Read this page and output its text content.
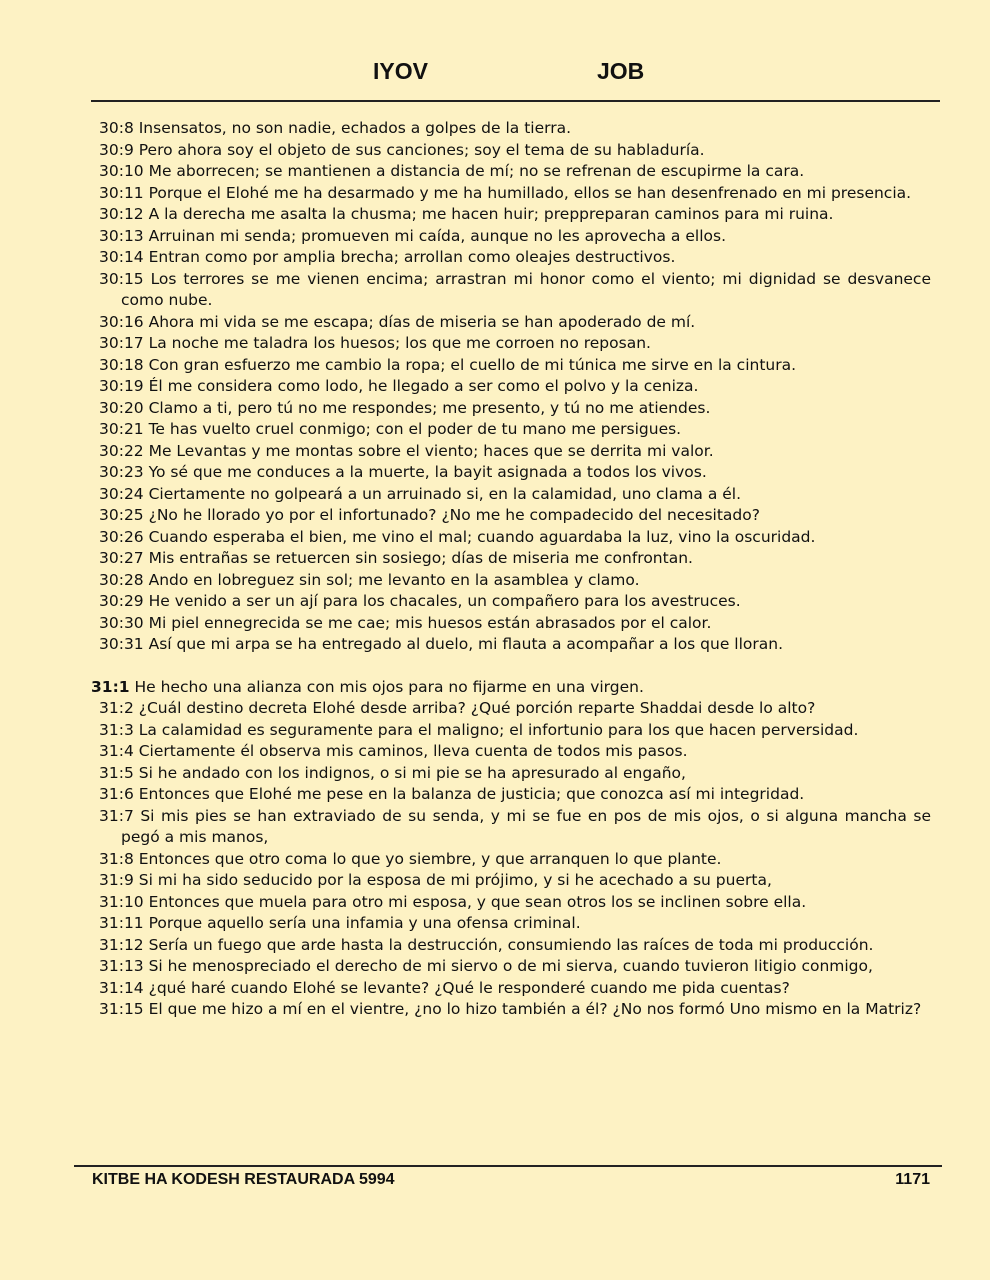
IYOV	JOB
30:8 Insensatos, no son nadie, echados a golpes de la tierra.
30:9 Pero ahora soy el objeto de sus canciones; soy el tema de su habladuría.
30:10 Me aborrecen; se mantienen a distancia de mí; no se refrenan de escupirme la cara.
30:11 Porque el Elohé me ha desarmado y me ha humillado, ellos se han desenfrenado en mi presencia.
30:12 A la derecha me asalta la chusma; me hacen huir; preppreparan caminos para mi ruina.
30:13 Arruinan mi senda; promueven mi caída, aunque no les aprovecha a ellos.
30:14 Entran como por amplia brecha; arrollan como oleajes destructivos.
30:15 Los terrores se me vienen encima; arrastran mi honor como el viento; mi dignidad se desvanece como nube.
30:16 Ahora mi vida se me escapa; días de miseria se han apoderado de mí.
30:17 La noche me taladra los huesos; los que me corroen no reposan.
30:18 Con gran esfuerzo me cambio la ropa; el cuello de mi túnica me sirve en la cintura.
30:19 Él me considera como lodo, he llegado a ser como el polvo y la ceniza.
30:20 Clamo a ti, pero tú no me respondes; me presento, y tú no me atiendes.
30:21 Te has vuelto cruel conmigo; con el poder de tu mano me persigues.
30:22 Me Levantas y me montas sobre el viento; haces que se derrita mi valor.
30:23 Yo sé que me conduces a la muerte, la bayit asignada a todos los vivos.
30:24 Ciertamente no golpeará a un arruinado si, en la calamidad, uno clama a él.
30:25 ¿No he llorado yo por el infortunado? ¿No me he compadecido del necesitado?
30:26 Cuando esperaba el bien, me vino el mal; cuando aguardaba la luz, vino la oscuridad.
30:27 Mis entrañas se retuercen sin sosiego; días de miseria me confrontan.
30:28 Ando en lobreguez sin sol; me levanto en la asamblea y clamo.
30:29 He venido a ser un ají para los chacales, un compañero para los avestruces.
30:30 Mi piel ennegrecida se me cae; mis huesos están abrasados por el calor.
30:31 Así que mi arpa se ha entregado al duelo, mi flauta a acompañar a los que lloran.
31:1 He hecho una alianza con mis ojos para no fijarme en una virgen.
31:2 ¿Cuál destino decreta Elohé desde arriba? ¿Qué porción reparte Shaddai desde lo alto?
31:3 La calamidad es seguramente para el maligno; el infortunio para los que hacen perversidad.
31:4 Ciertamente él observa mis caminos, lleva cuenta de todos mis pasos.
31:5 Si he andado con los indignos, o si mi pie se ha apresurado al engaño,
31:6 Entonces que Elohé me pese en la balanza de justicia; que conozca así mi integridad.
31:7 Si mis pies se han extraviado de su senda, y mi se fue en pos de mis ojos, o si alguna mancha se pegó a mis manos,
31:8 Entonces que otro coma lo que yo siembre, y que arranquen lo que plante.
31:9 Si mi ha sido seducido por la esposa de mi prójimo, y si he acechado a su puerta,
31:10 Entonces que muela para otro mi esposa, y que sean otros los se inclinen sobre ella.
31:11 Porque aquello sería una infamia y una ofensa criminal.
31:12 Sería un fuego que arde hasta la destrucción, consumiendo las raíces de toda mi producción.
31:13 Si he menospreciado el derecho de mi siervo o de mi sierva, cuando tuvieron litigio conmigo,
31:14 ¿qué haré cuando Elohé se levante? ¿Qué le responderé cuando me pida cuentas?
31:15 El que me hizo a mí en el vientre, ¿no lo hizo también a él? ¿No nos formó Uno mismo en la Matriz?
KITBE HA KODESH RESTAURADA 5994	1171
